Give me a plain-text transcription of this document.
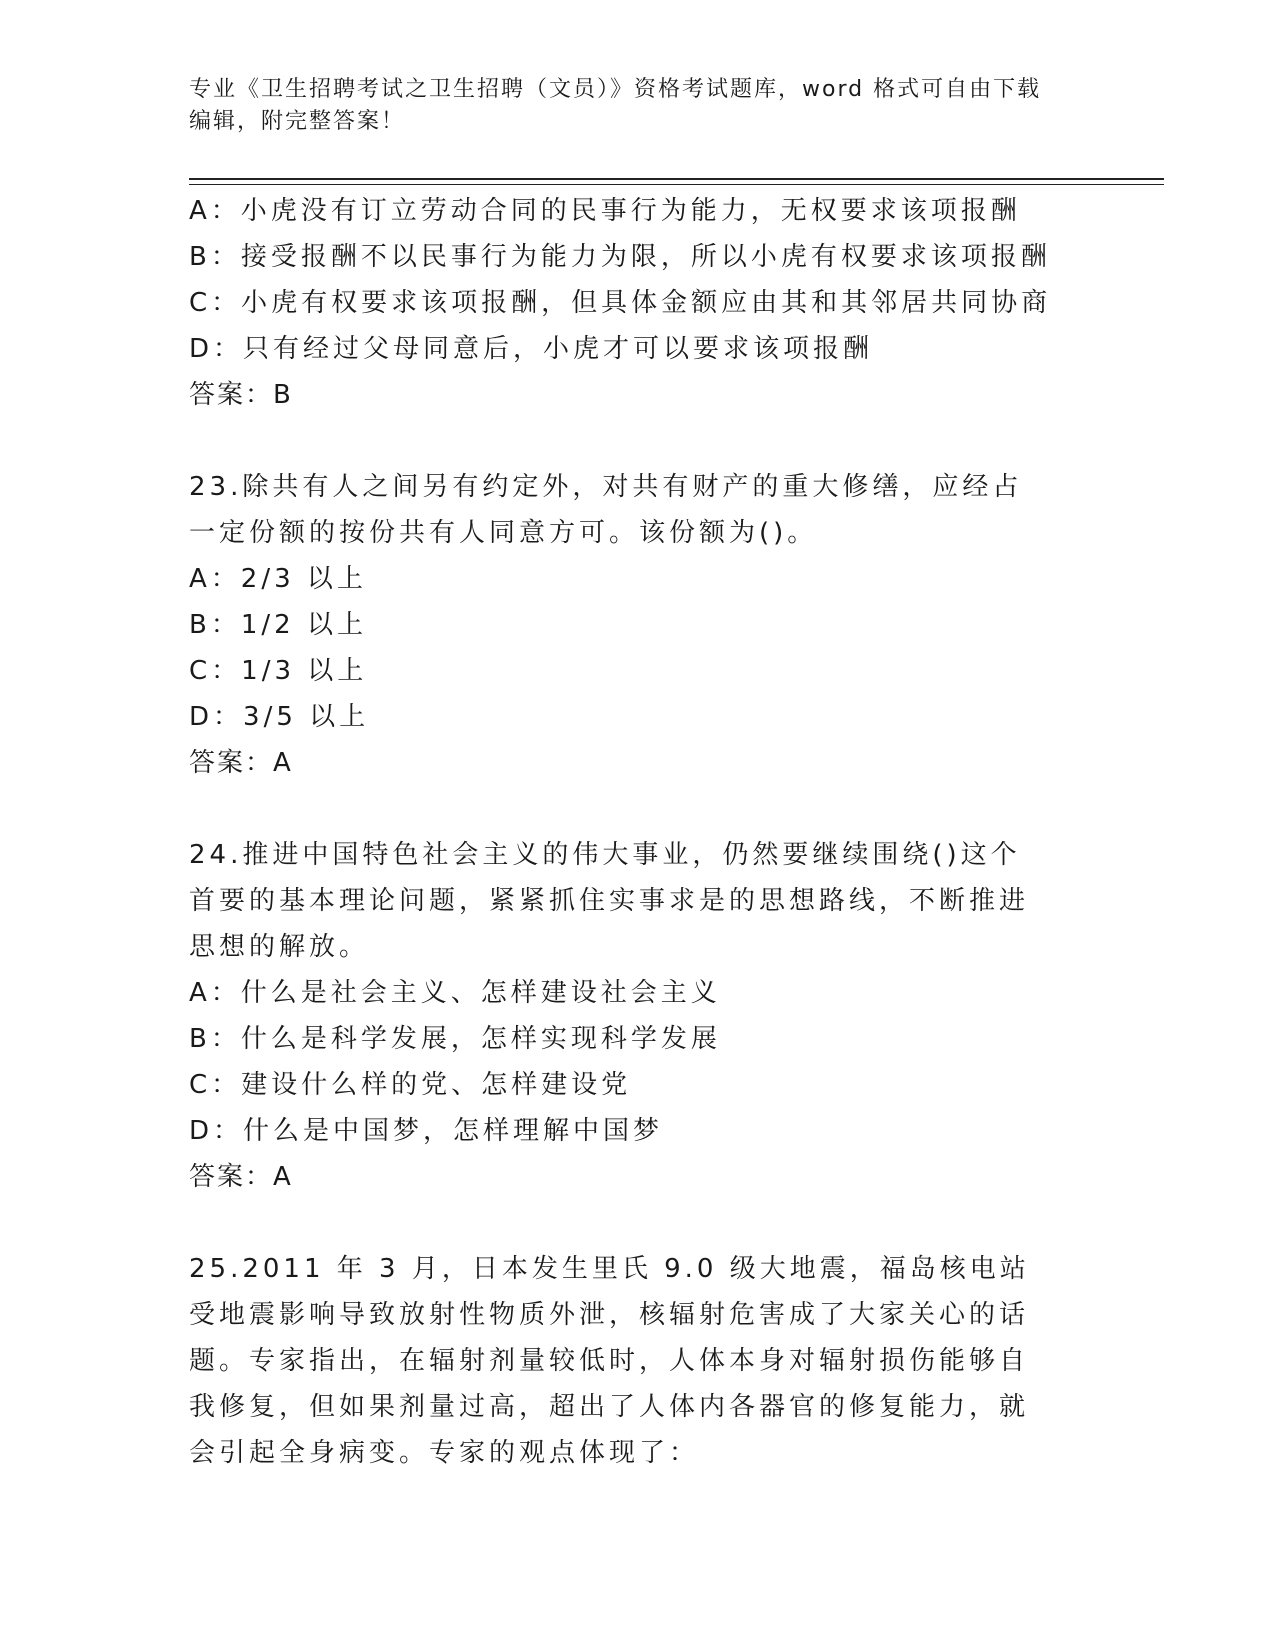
专业《卫生招聘考试之卫生招聘（文员）》资格考试题库，word 格式可自由下载
编辑，附完整答案！
A：小虎没有订立劳动合同的民事行为能力，无权要求该项报酬
B：接受报酬不以民事行为能力为限，所以小虎有权要求该项报酬
C：小虎有权要求该项报酬，但具体金额应由其和其邻居共同协商
D：只有经过父母同意后，小虎才可以要求该项报酬
答案：B
23.除共有人之间另有约定外，对共有财产的重大修缮，应经占一定份额的按份共有人同意方可。该份额为()。
A：2/3 以上
B：1/2 以上
C：1/3 以上
D：3/5 以上
答案：A
24.推进中国特色社会主义的伟大事业，仍然要继续围绕()这个首要的基本理论问题，紧紧抓住实事求是的思想路线，不断推进思想的解放。
A：什么是社会主义、怎样建设社会主义
B：什么是科学发展，怎样实现科学发展
C：建设什么样的党、怎样建设党
D：什么是中国梦，怎样理解中国梦
答案：A
25.2011 年 3 月，日本发生里氏 9.0 级大地震，福岛核电站受地震影响导致放射性物质外泄，核辐射危害成了大家关心的话题。专家指出，在辐射剂量较低时，人体本身对辐射损伤能够自我修复，但如果剂量过高，超出了人体内各器官的修复能力，就会引起全身病变。专家的观点体现了：
